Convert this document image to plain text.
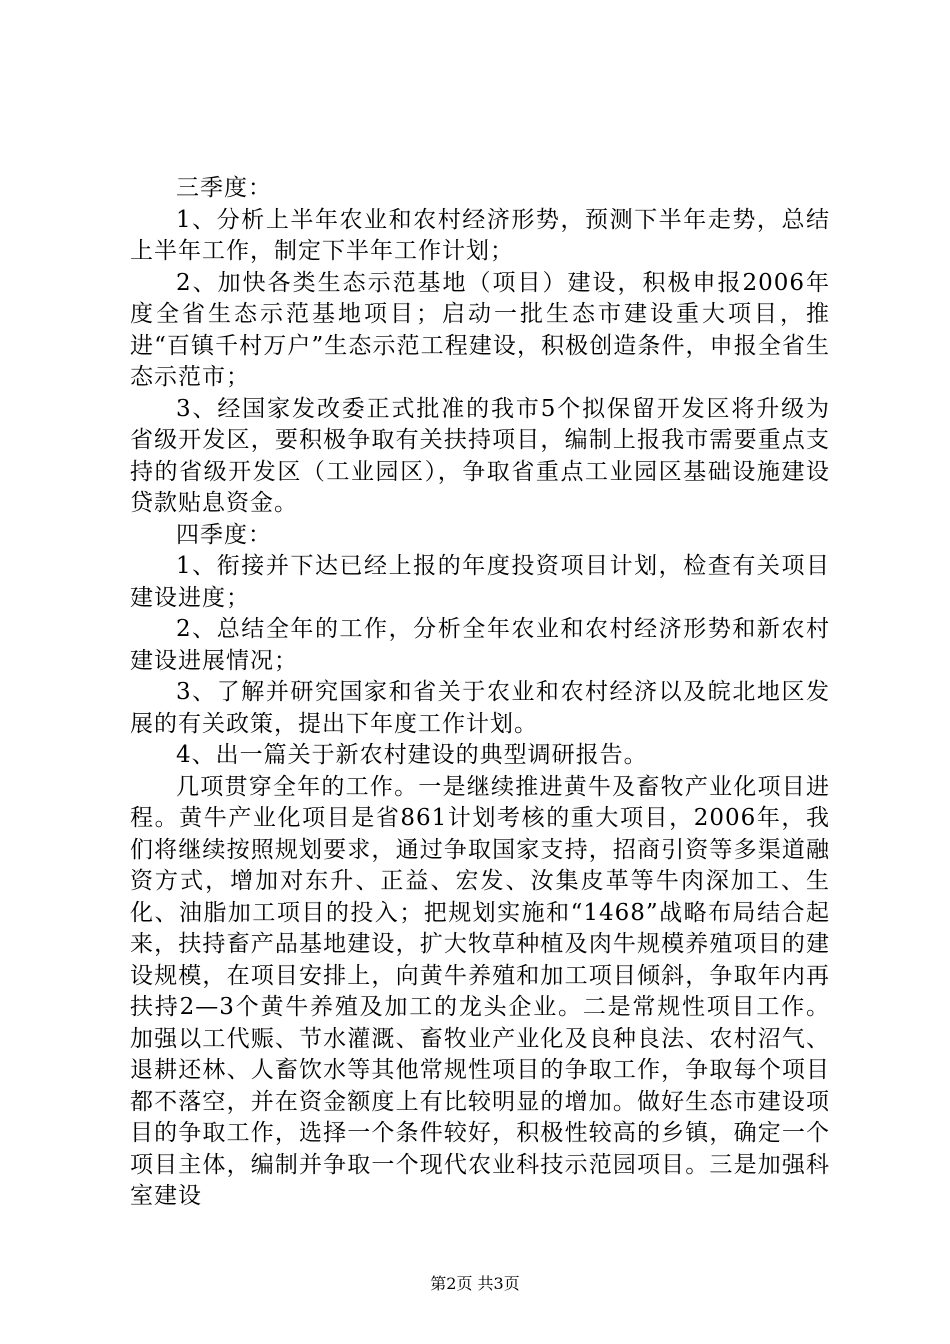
三季度：

1、分析上半年农业和农村经济形势，预测下半年走势，总结上半年工作，制定下半年工作计划；

2、加快各类生态示范基地（项目）建设，积极申报2006年度全省生态示范基地项目；启动一批生态市建设重大项目，推进“百镇千村万户”生态示范工程建设，积极创造条件，申报全省生态示范市；

3、经国家发改委正式批准的我市5个拟保留开发区将升级为省级开发区，要积极争取有关扶持项目，编制上报我市需要重点支持的省级开发区（工业园区），争取省重点工业园区基础设施建设贷款贴息资金。

四季度：

1、衔接并下达已经上报的年度投资项目计划，检查有关项目建设进度；

2、总结全年的工作，分析全年农业和农村经济形势和新农村建设进展情况；

3、了解并研究国家和省关于农业和农村经济以及皖北地区发展的有关政策，提出下年度工作计划。

4、出一篇关于新农村建设的典型调研报告。

几项贯穿全年的工作。一是继续推进黄牛及畜牧产业化项目进程。黄牛产业化项目是省861计划考核的重大项目，2006年，我们将继续按照规划要求，通过争取国家支持，招商引资等多渠道融资方式，增加对东升、正益、宏发、汝集皮革等牛肉深加工、生化、油脂加工项目的投入；把规划实施和“1468”战略布局结合起来，扶持畜产品基地建设，扩大牧草种植及肉牛规模养殖项目的建设规模，在项目安排上，向黄牛养殖和加工项目倾斜，争取年内再扶持2—3个黄牛养殖及加工的龙头企业。二是常规性项目工作。加强以工代赈、节水灌溉、畜牧业产业化及良种良法、农村沼气、退耕还林、人畜饮水等其他常规性项目的争取工作，争取每个项目都不落空，并在资金额度上有比较明显的增加。做好生态市建设项目的争取工作，选择一个条件较好，积极性较高的乡镇，确定一个项目主体，编制并争取一个现代农业科技示范园项目。三是加强科室建设

第2页 共3页
